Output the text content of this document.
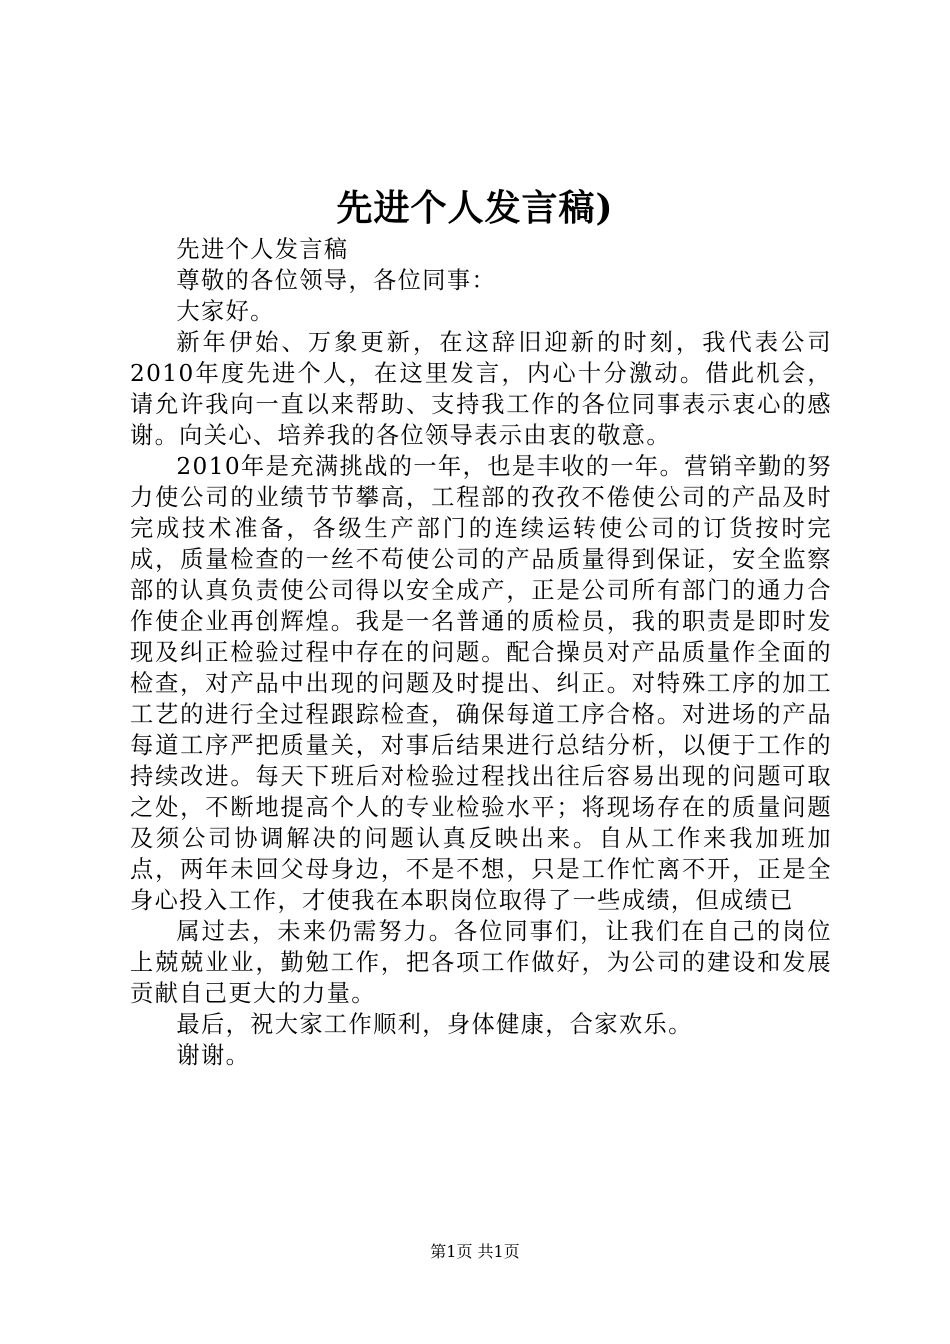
先进个人发言稿)

先进个人发言稿

尊敬的各位领导，各位同事：

大家好。

新年伊始、万象更新，在这辞旧迎新的时刻，我代表公司2010年度先进个人，在这里发言，内心十分激动。借此机会，请允许我向一直以来帮助、支持我工作的各位同事表示衷心的感谢。向关心、培养我的各位领导表示由衷的敬意。

2010年是充满挑战的一年，也是丰收的一年。营销辛勤的努力使公司的业绩节节攀高，工程部的孜孜不倦使公司的产品及时完成技术准备，各级生产部门的连续运转使公司的订货按时完成，质量检查的一丝不苟使公司的产品质量得到保证，安全监察部的认真负责使公司得以安全成产，正是公司所有部门的通力合作使企业再创辉煌。我是一名普通的质检员，我的职责是即时发现及纠正检验过程中存在的问题。配合操员对产品质量作全面的检查，对产品中出现的问题及时提出、纠正。对特殊工序的加工工艺的进行全过程跟踪检查，确保每道工序合格。对进场的产品每道工序严把质量关，对事后结果进行总结分析，以便于工作的持续改进。每天下班后对检验过程找出往后容易出现的问题可取之处，不断地提高个人的专业检验水平；将现场存在的质量问题及须公司协调解决的问题认真反映出来。自从工作来我加班加点，两年未回父母身边，不是不想，只是工作忙离不开，正是全身心投入工作，才使我在本职岗位取得了一些成绩，但成绩已

属过去，未来仍需努力。各位同事们，让我们在自己的岗位上兢兢业业，勤勉工作，把各项工作做好，为公司的建设和发展贡献自己更大的力量。

最后，祝大家工作顺利，身体健康，合家欢乐。

谢谢。

第1页 共1页
